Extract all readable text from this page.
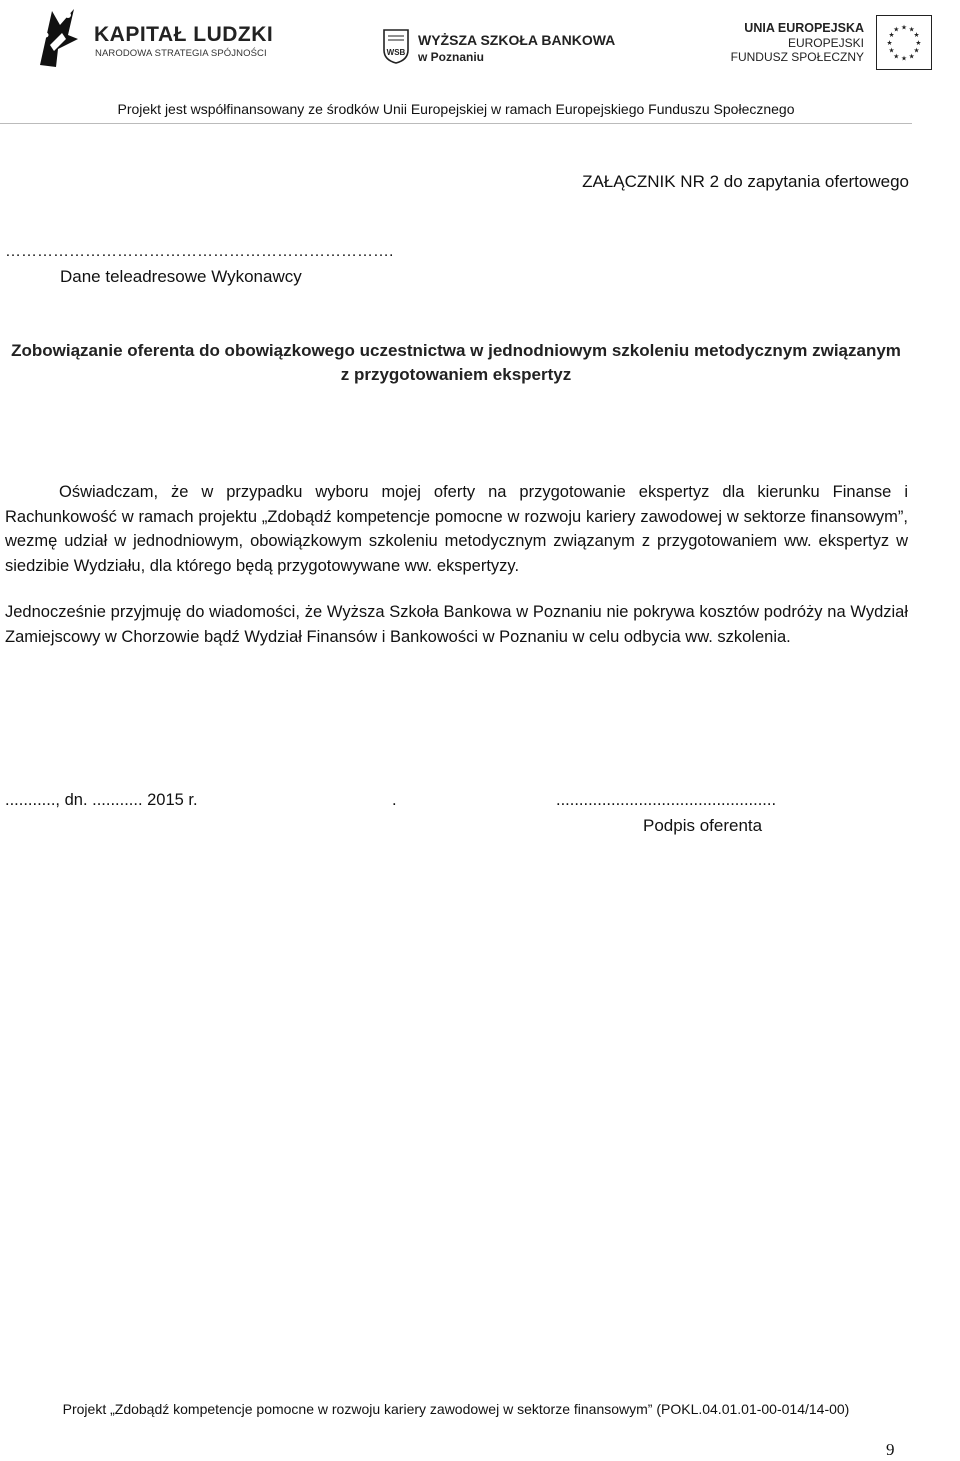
KAPITAŁ LUDZKI
NARODOWA STRATEGIA SPÓJNOŚCI	WSB
WYŻSZA SZKOŁA BANKOWA
w Poznaniu
UNIA EUROPEJSKA
EUROPEJSKI
FUNDUSZ SPOŁECZNY
★ ★
★
★
★
★
★
★
★
★
★
★
Projekt jest współfinansowany ze środków Unii Europejskiej w ramach Europejskiego Funduszu Społecznego
ZAŁĄCZNIK NR 2 do zapytania ofertowego
……………………………………………………………….
Dane teleadresowe Wykonawcy
Zobowiązanie oferenta do obowiązkowego uczestnictwa w jednodniowym szkoleniu metodycznym związanym
z przygotowaniem ekspertyz
Oświadczam, że w przypadku wyboru mojej oferty na przygotowanie ekspertyz dla kierunku Finanse i Rachunkowość w ramach projektu „Zdobądź kompetencje pomocne w rozwoju kariery zawodowej w sektorze finansowym”, wezmę udział w jednodniowym, obowiązkowym szkoleniu metodycznym związanym z przygotowaniem ww. ekspertyz w siedzibie Wydziału, dla którego będą przygotowywane ww. ekspertyzy.
Jednocześnie przyjmuję do wiadomości, że Wyższa Szkoła Bankowa w Poznaniu nie pokrywa kosztów podróży na Wydział Zamiejscowy w Chorzowie bądź Wydział Finansów i Bankowości w Poznaniu w celu odbycia ww. szkolenia.
..........., dn. ........... 2015 r.	.	................................................
Podpis oferenta
Projekt „Zdobądź kompetencje pomocne w rozwoju kariery zawodowej w sektorze finansowym” (POKL.04.01.01-00-014/14-00)
9
